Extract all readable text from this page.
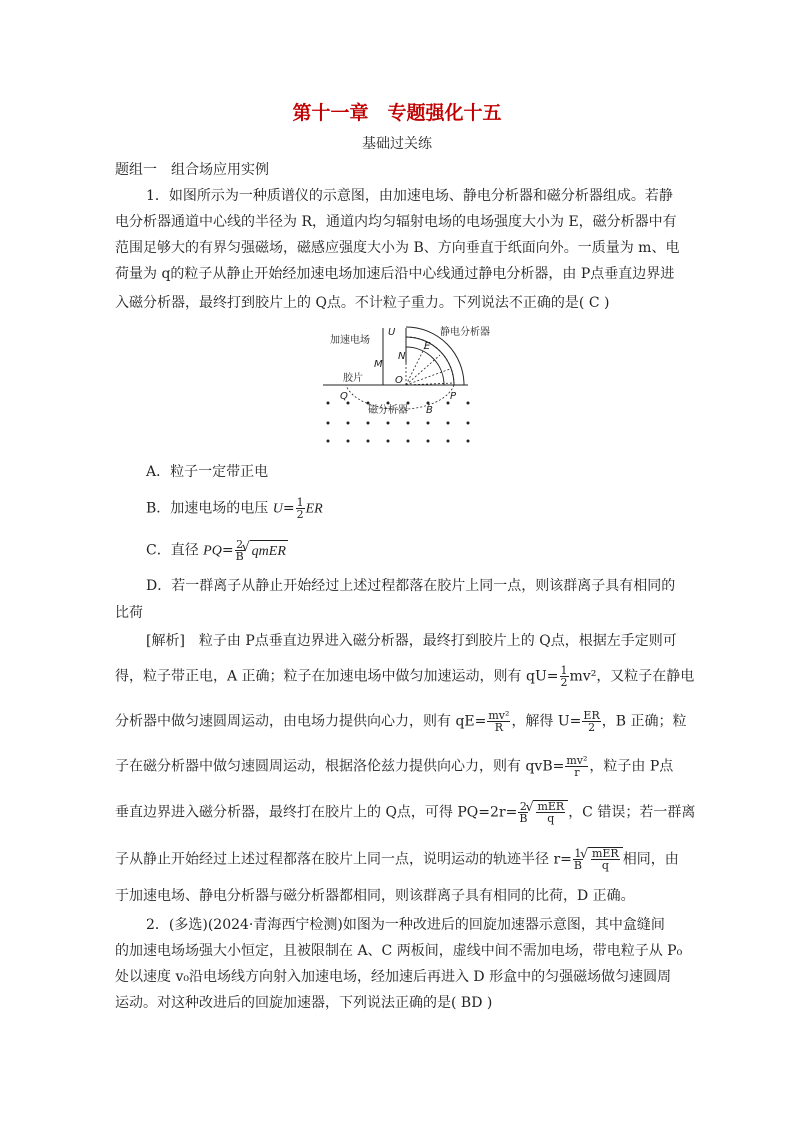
第十一章　专题强化十五
基础过关练
题组一　组合场应用实例
1．如图所示为一种质谱仪的示意图，由加速电场、静电分析器和磁分析器组成。若静
电分析器通道中心线的半径为 R，通道内均匀辐射电场的电场强度大小为 E，磁分析器中有
范围足够大的有界匀强磁场，磁感应强度大小为 B、方向垂直于纸面向外。一质量为 m、电
荷量为 q的粒子从静止开始经加速电场加速后沿中心线通过静电分析器，由 P点垂直边界进
入磁分析器，最终打到胶片上的 Q点。不计粒子重力。下列说法不正确的是( C )
加速电场
静电分析器
胶片
磁分析器
U
M
N
O
E
Q	P
B
A．粒子一定带正电
B．加速电场的电压 $U= \frac{1}{2}$ ER
C．直径 $PQ= \frac{2}{B}$ √ qmER
D．若一群离子从静止开始经过上述过程都落在胶片上同一点，则该群离子具有相同的
比荷
[解析]　粒子由 P点垂直边界进入磁分析器，最终打到胶片上的 Q点，根据左手定则可
得，粒子带正电，A 正确；粒子在加速电场中做匀加速运动，则有 $qU= \frac{1}{2} mv^2$，又粒子在静电
分析器中做匀速圆周运动，由电场力提供向心力，则有 $qE= \frac{\text{mv²}}{R}$ ，解得 $U= \frac{ER}{2}$ ，B 正确；粒
子在磁分析器中做匀速圆周运动，根据洛伦兹力提供向心力，则有 $qvB= \frac{\text{mv²}}{r}$ ，粒子由 P点
垂直边界进入磁分析器，最终打在胶片上的 Q点，可得 $PQ=2r= \frac{2}{B}$ √ $\frac{\text{mER}}{q}$ ，C 错误；若一群离
子从静止开始经过上述过程都落在胶片上同一点，说明运动的轨迹半径 $r= \frac{1}{B}$ √ $\frac{\text{mER}}{q}$ 相同，由
于加速电场、静电分析器与磁分析器都相同，则该群离子具有相同的比荷，D 正确。
2．(多选)(2024·青海西宁检测)如图为一种改进后的回旋加速器示意图，其中盒缝间
的加速电场场强大小恒定，且被限制在 A、C 两板间，虚线中间不需加电场，带电粒子从 P₀
处以速度 v₀沿电场线方向射入加速电场，经加速后再进入 D 形盒中的匀强磁场做匀速圆周
运动。对这种改进后的回旋加速器，下列说法正确的是( BD )
